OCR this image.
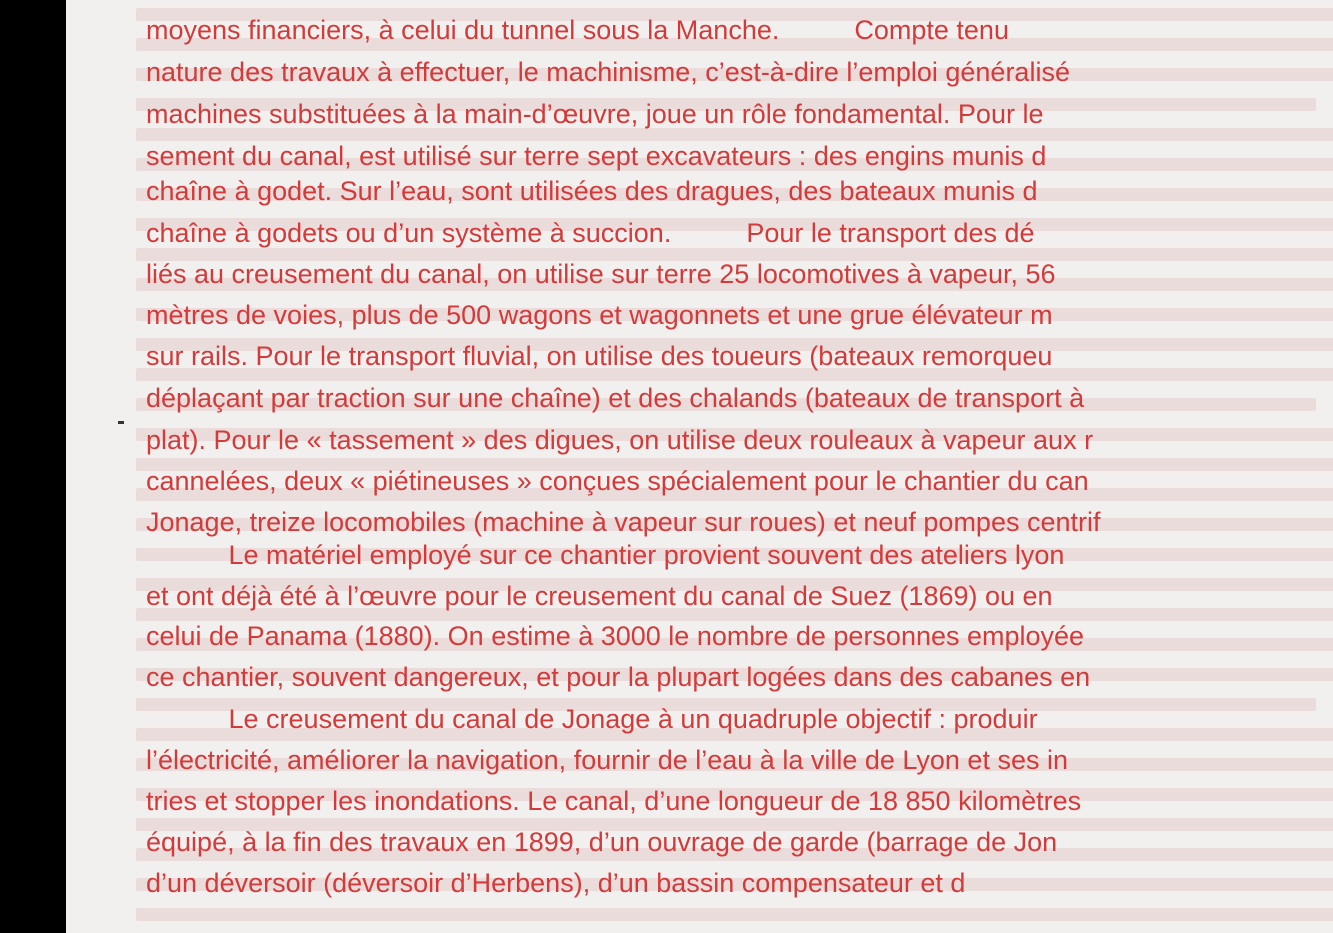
moyens financiers, à celui du tunnel sous la Manche.          Compte tenu
nature des travaux à effectuer, le machinisme, c’est-à-dire l’emploi généralisé
machines substituées à la main-d’œuvre, joue un rôle fondamental. Pour le
sement du canal, est utilisé sur terre sept excavateurs : des engins munis d
chaîne à godet. Sur l’eau, sont utilisées des dragues, des bateaux munis d
chaîne à godets ou d’un système à succion.          Pour le transport des dé
liés au creusement du canal, on utilise sur terre 25 locomotives à vapeur, 56
mètres de voies, plus de 500 wagons et wagonnets et une grue élévateur m
sur rails. Pour le transport fluvial, on utilise des toueurs (bateaux remorqueu
déplaçant par traction sur une chaîne) et des chalands (bateaux de transport à
plat). Pour le « tassement » des digues, on utilise deux rouleaux à vapeur aux r
cannelées, deux « piétineuses » conçues spécialement pour le chantier du can
Jonage, treize locomobiles (machine à vapeur sur roues) et neuf pompes centrif
Le matériel employé sur ce chantier provient souvent des ateliers lyon
et ont déjà été à l’œuvre pour le creusement du canal de Suez (1869) ou en
celui de Panama (1880). On estime à 3000 le nombre de personnes employée
ce chantier, souvent dangereux, et pour la plupart logées dans des cabanes en
Le creusement du canal de Jonage à un quadruple objectif : produir
l’électricité, améliorer la navigation, fournir de l’eau à la ville de Lyon et ses in
tries et stopper les inondations. Le canal, d’une longueur de 18 850 kilomètres
équipé, à la fin des travaux en 1899, d’un ouvrage de garde (barrage de Jon
d’un déversoir (déversoir d’Herbens), d’un bassin compensateur et d
